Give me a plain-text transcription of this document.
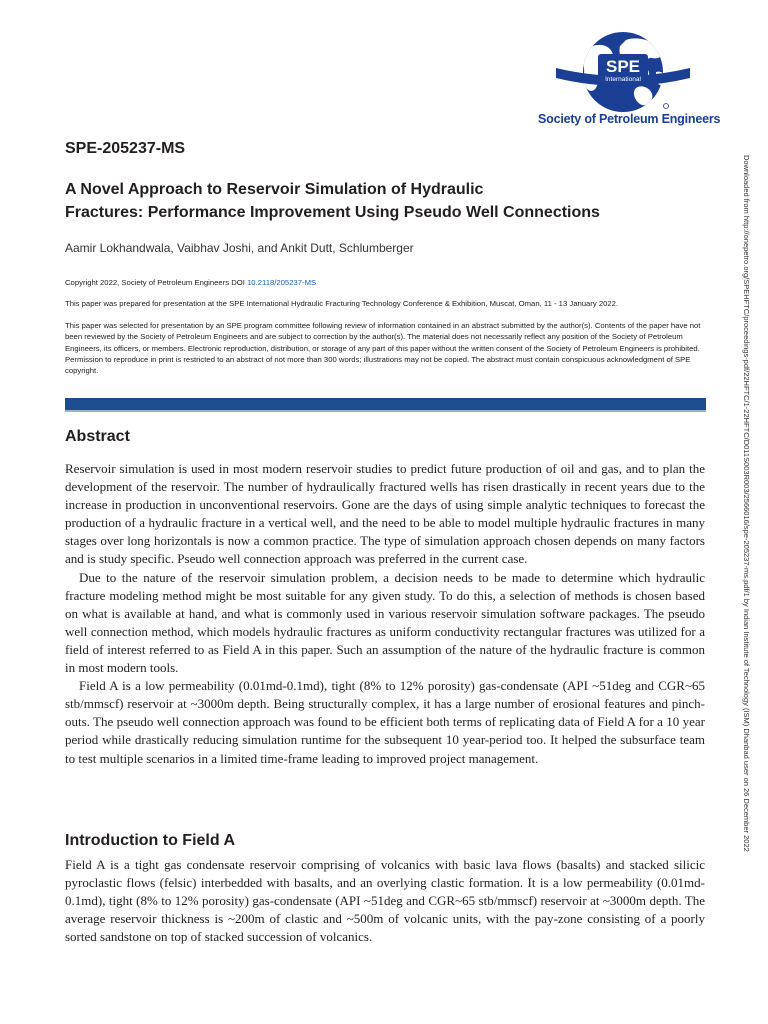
SPE
International
Society of Petroleum Engineers
SPE-205237-MS
A Novel Approach to Reservoir Simulation of Hydraulic
Fractures: Performance Improvement Using Pseudo Well Connections
Aamir Lokhandwala, Vaibhav Joshi, and Ankit Dutt, Schlumberger
Copyright 2022, Society of Petroleum Engineers DOI 10.2118/205237-MS
This paper was prepared for presentation at the SPE International Hydraulic Fracturing Technology Conference & Exhibition, Muscat, Oman, 11 - 13 January 2022.
This paper was selected for presentation by an SPE program committee following review of information contained in an abstract submitted by the author(s). Contents of the paper have not been reviewed by the Society of Petroleum Engineers and are subject to correction by the author(s). The material does not necessarily reflect any position of the Society of Petroleum Engineers, its officers, or members. Electronic reproduction, distribution, or storage of any part of this paper without the written consent of the Society of Petroleum Engineers is prohibited. Permission to reproduce in print is restricted to an abstract of not more than 300 words; illustrations may not be copied. The abstract must contain conspicuous acknowledgment of SPE copyright.
Abstract

Reservoir simulation is used in most modern reservoir studies to predict future production of oil and gas, and to plan the development of the reservoir. The number of hydraulically fractured wells has risen drastically in recent years due to the increase in production in unconventional reservoirs. Gone are the days of using simple analytic techniques to forecast the production of a hydraulic fracture in a vertical well, and the need to be able to model multiple hydraulic fractures in many stages over long horizontals is now a common practice. The type of simulation approach chosen depends on many factors and is study specific. Pseudo well connection approach was preferred in the current case.

Due to the nature of the reservoir simulation problem, a decision needs to be made to determine which hydraulic fracture modeling method might be most suitable for any given study. To do this, a selection of methods is chosen based on what is available at hand, and what is commonly used in various reservoir simulation software packages. The pseudo well connection method, which models hydraulic fractures as uniform conductivity rectangular fractures was utilized for a field of interest referred to as Field A in this paper. Such an assumption of the nature of the hydraulic fracture is common in most modern tools.

Field A is a low permeability (0.01md-0.1md), tight (8% to 12% porosity) gas-condensate (API ~51deg and CGR~65 stb/mmscf) reservoir at ~3000m depth. Being structurally complex, it has a large number of erosional features and pinch-outs. The pseudo well connection approach was found to be efficient both terms of replicating data of Field A for a 10 year period while drastically reducing simulation runtime for the subsequent 10 year-period too. It helped the subsurface team to test multiple scenarios in a limited time-frame leading to improved project management.

Introduction to Field A

Field A is a tight gas condensate reservoir comprising of volcanics with basic lava flows (basalts) and stacked silicic pyroclastic flows (felsic) interbedded with basalts, and an overlying clastic formation. It is a low permeability (0.01md-0.1md), tight (8% to 12% porosity) gas-condensate (API ~51deg and CGR~65 stb/mmscf) reservoir at ~3000m depth. The average reservoir thickness is ~200m of clastic and ~500m of volcanic units, with the pay-zone consisting of a poorly sorted sandstone on top of stacked succession of volcanics.

Downloaded from http://onepetro.org/SPEHFTC/proceedings-pdf/22HFTC/1-22HFTC/D011S003R003/2566016/spe-205237-ms.pdf/1 by Indian Institute of Technology (ISM) Dhanbad user on 26 December 2022
